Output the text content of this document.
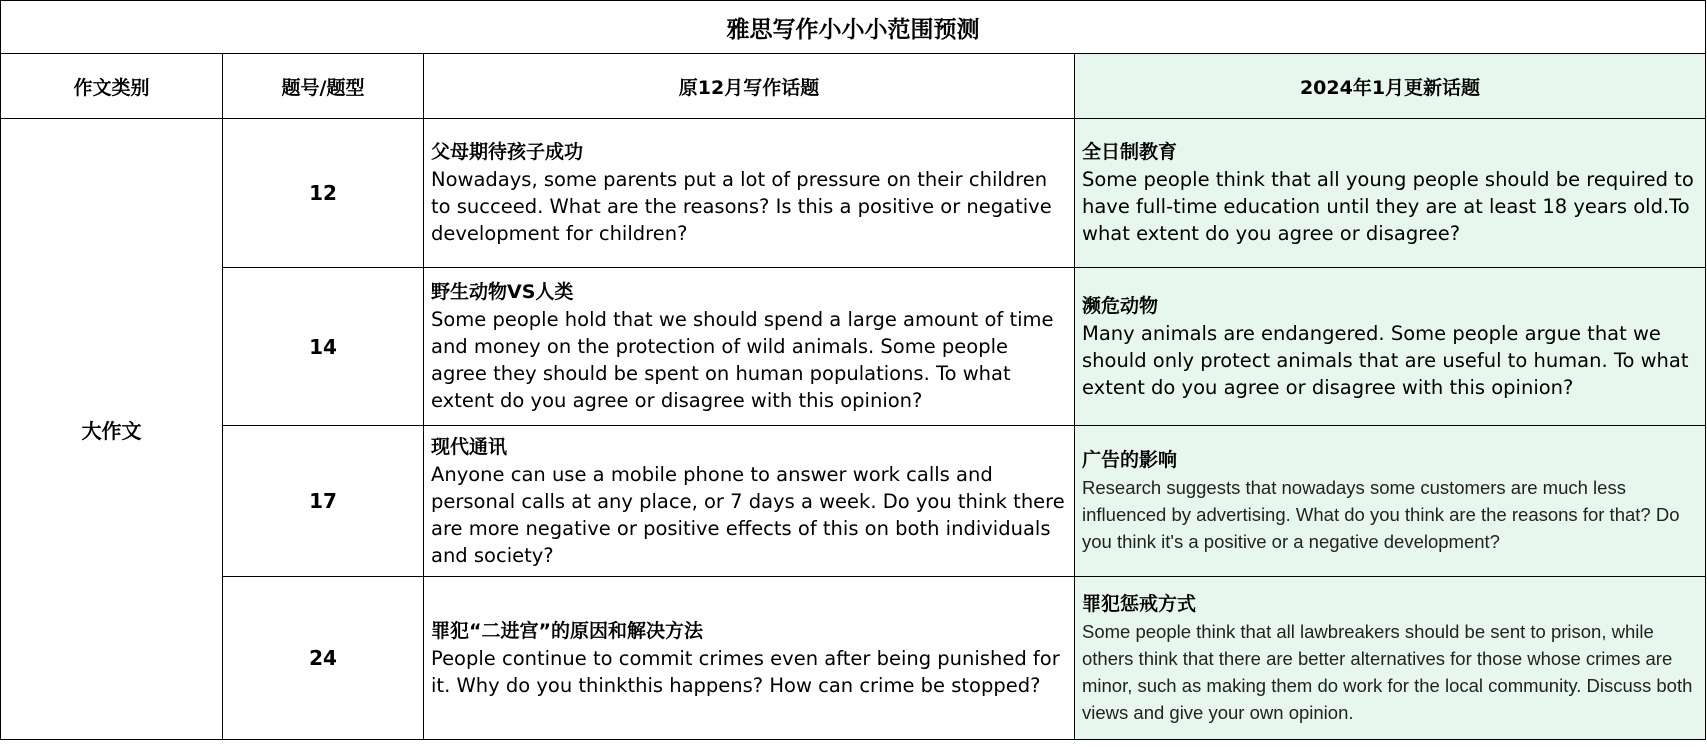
雅思写作小小小范围预测			
作文类别	题号/题型	原12月写作话题	2024年1月更新话题
大作文	12	父母期待孩子成功
Nowadays, some parents put a lot of pressure on their children to succeed. What are the reasons? Is this a positive or negative development for children?	全日制教育
Some people think that all young people should be required to have full-time education until they are at least 18 years old.To what extent do you agree or disagree?

	14	野生动物VS人类
Some people hold that we should spend a large amount of time and money on the protection of wild animals. Some people agree they should be spent on human populations. To what extent do you agree or disagree with this opinion?	濒危动物
Many animals are endangered. Some people argue that we should only protect animals that are useful to human. To what extent do you agree or disagree with this opinion?

	17	现代通讯
Anyone can use a mobile phone to answer work calls and personal calls at any place, or 7 days a week. Do you think there are more negative or positive effects of this on both individuals and society?	广告的影响
Research suggests that nowadays some customers are much less influenced by advertising. What do you think are the reasons for that? Do you think it's a positive or a negative development?

	24	罪犯“二进宫”的原因和解决方法
People continue to commit crimes even after being punished for it. Why do you thinkthis happens? How can crime be stopped?	罪犯惩戒方式
Some people think that all lawbreakers should be sent to prison, while others think that there are better alternatives for those whose crimes are minor, such as making them do work for the local community. Discuss both views and give your own opinion.
